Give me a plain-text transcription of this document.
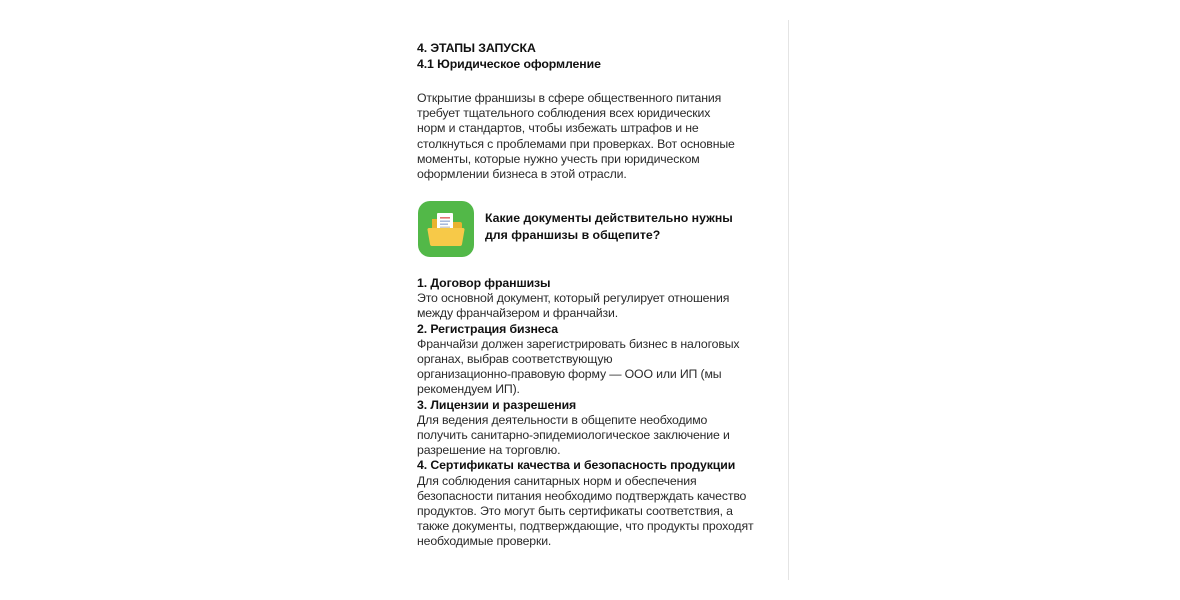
4. ЭТАПЫ ЗАПУСКА
4.1 Юридическое оформление
Открытие франшизы в сфере общественного питания
требует тщательного соблюдения всех юридических
норм и стандартов, чтобы избежать штрафов и не
столкнуться с проблемами при проверках. Вот основные
моменты, которые нужно учесть при юридическом
оформлении бизнеса в этой отрасли.
Какие документы действительно нужны
для франшизы в общепите?
1. Договор франшизы
Это основной документ, который регулирует отношения
между франчайзером и франчайзи.
2. Регистрация бизнеса
Франчайзи должен зарегистрировать бизнес в налоговых
органах, выбрав соответствующую
организационно-правовую форму — ООО или ИП (мы
рекомендуем ИП).
3. Лицензии и разрешения
Для ведения деятельности в общепите необходимо
получить санитарно-эпидемиологическое заключение и
разрешение на торговлю.
4. Сертификаты качества и безопасность продукции
Для соблюдения санитарных норм и обеспечения
безопасности питания необходимо подтверждать качество
продуктов. Это могут быть сертификаты соответствия, а
также документы, подтверждающие, что продукты проходят
необходимые проверки.
